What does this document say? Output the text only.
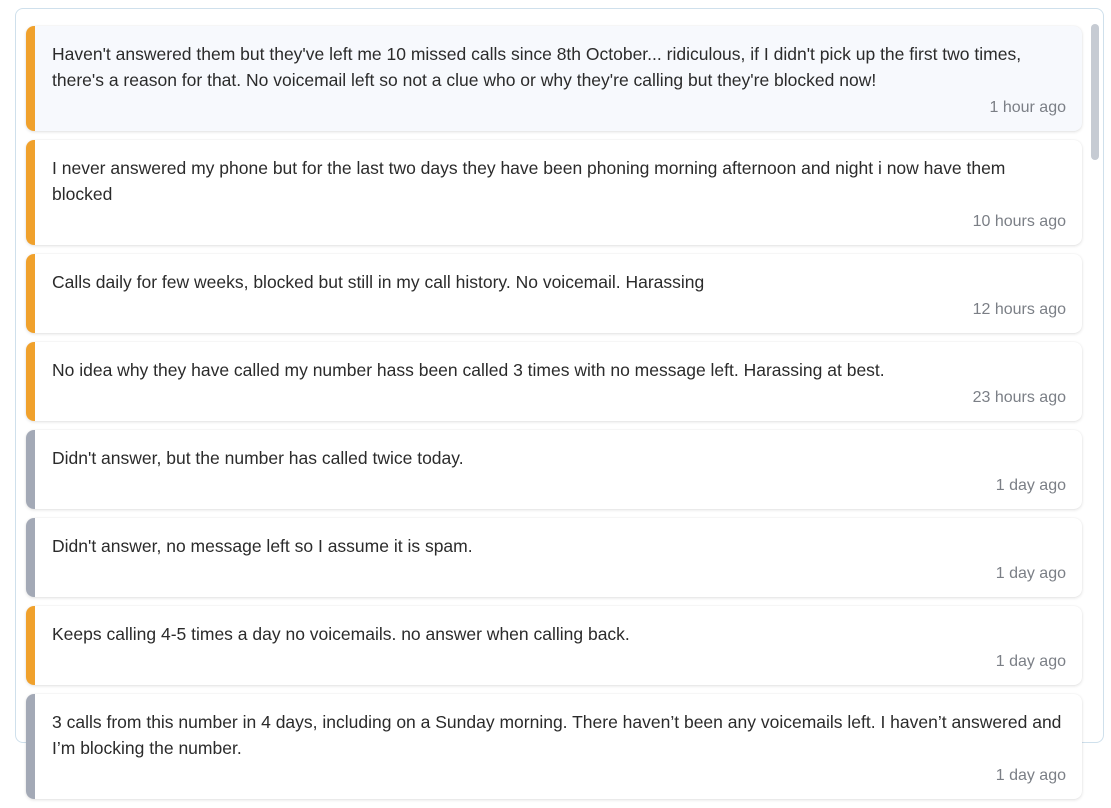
Haven't answered them but they've left me 10 missed calls since 8th October... ridiculous, if I didn't pick up the first two times, there's a reason for that. No voicemail left so not a clue who or why they're calling but they're blocked now!

1 hour ago

I never answered my phone but for the last two days they have been phoning morning afternoon and night i now have them blocked

10 hours ago

Calls daily for few weeks, blocked but still in my call history. No voicemail. Harassing

12 hours ago

No idea why they have called my number hass been called 3 times with no message left. Harassing at best.

23 hours ago

Didn't answer, but the number has called twice today.

1 day ago

Didn't answer, no message left so I assume it is spam.

1 day ago

Keeps calling 4-5 times a day no voicemails. no answer when calling back.

1 day ago

3 calls from this number in 4 days, including on a Sunday morning. There haven’t been any voicemails left. I haven’t answered and I’m blocking the number.

1 day ago
